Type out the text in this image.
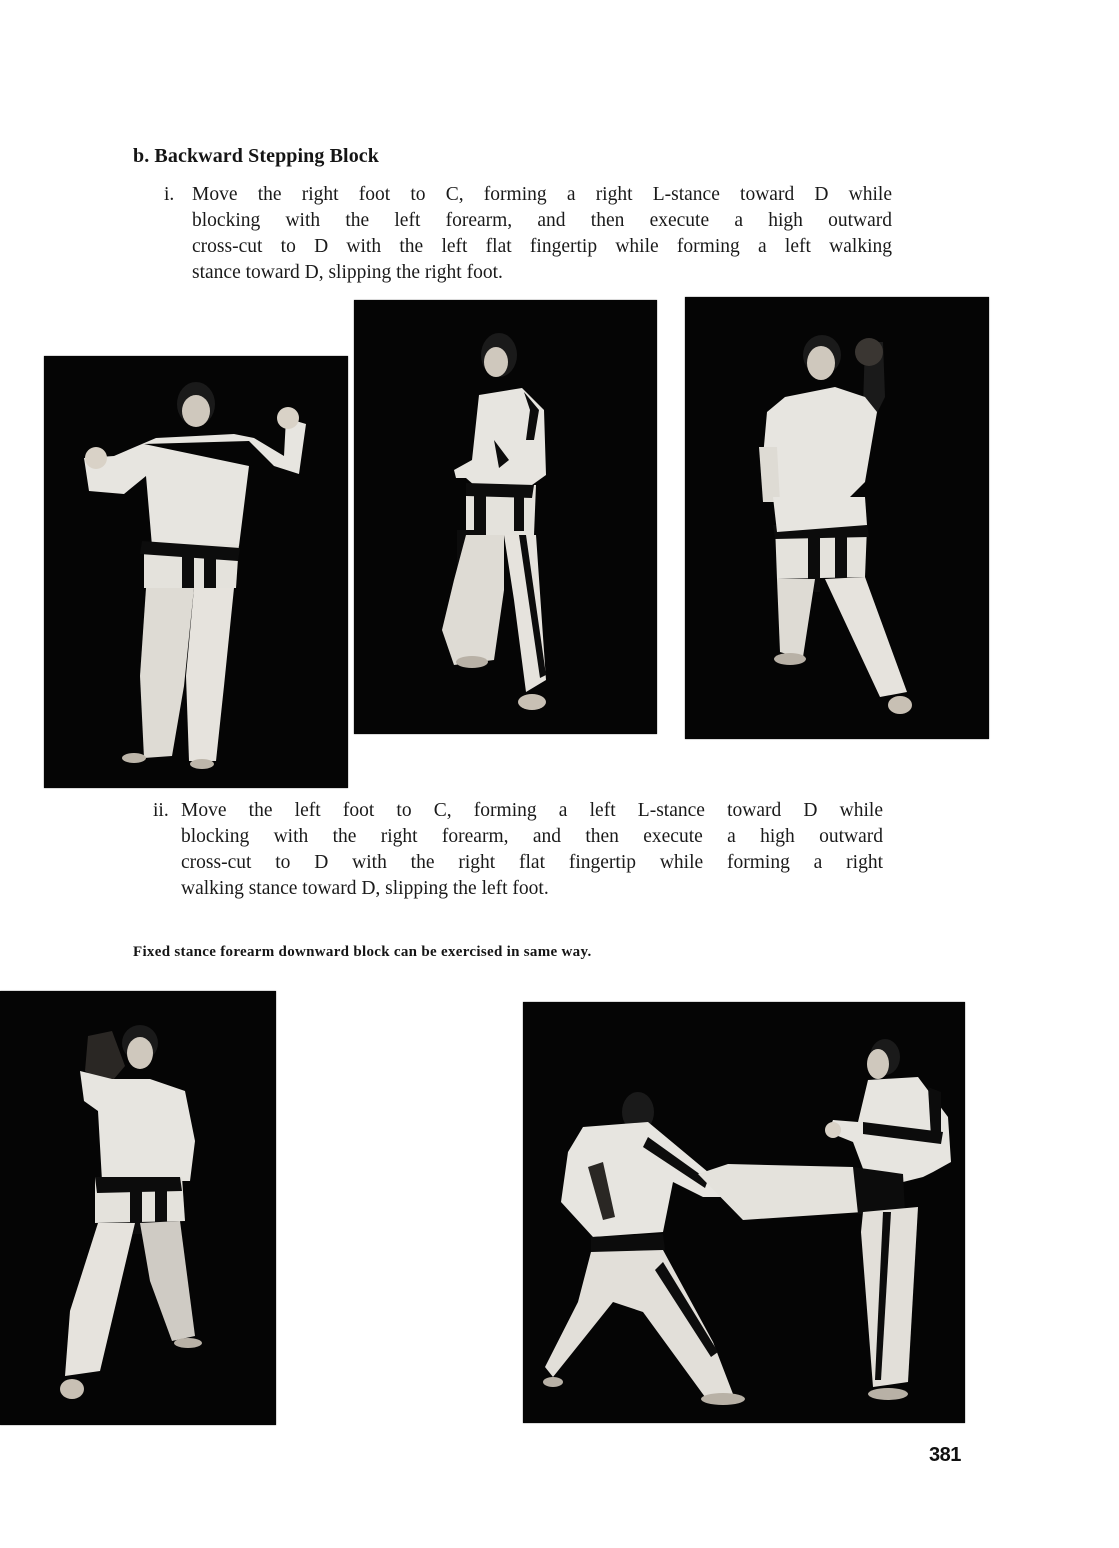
b. Backward Stepping Block
i. Move the right foot to C, forming a right L-stance toward D while
blocking with the left forearm, and then execute a high outward
cross-cut to D with the left flat fingertip while forming a left walking
stance toward D, slipping the right foot.
ii. Move the left foot to C, forming a left L-stance toward D while
blocking with the right forearm, and then execute a high outward
cross-cut to D with the right flat fingertip while forming a right
walking stance toward D, slipping the left foot.
Fixed stance forearm downward block can be exercised in same way.
381
